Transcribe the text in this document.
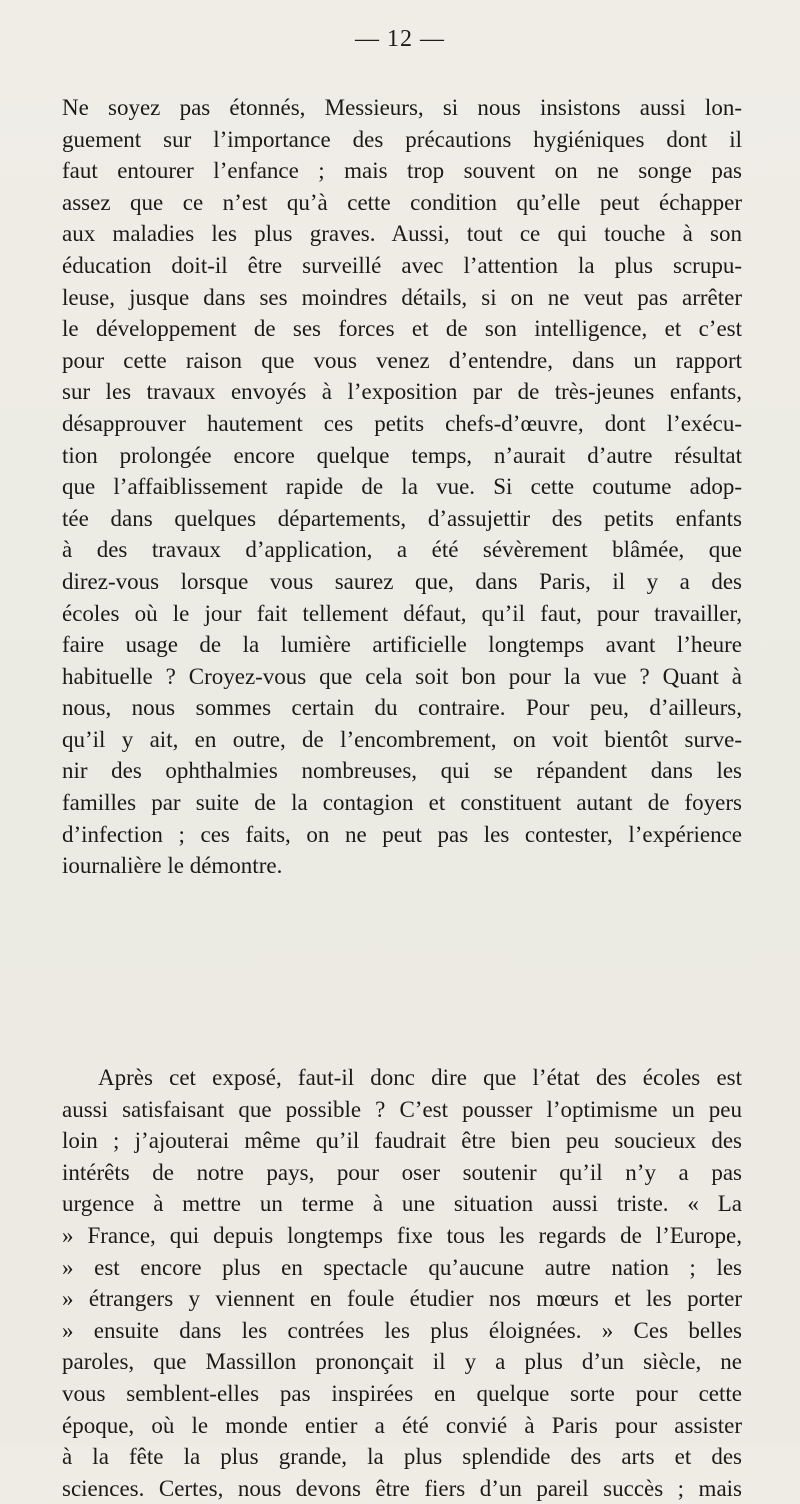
— 12 —
Ne soyez pas étonnés, Messieurs, si nous insistons aussi lon-
guement sur l’importance des précautions hygiéniques dont il
faut entourer l’enfance ; mais trop souvent on ne songe pas
assez que ce n’est qu’à cette condition qu’elle peut échapper
aux maladies les plus graves. Aussi, tout ce qui touche à son
éducation doit-il être surveillé avec l’attention la plus scrupu-
leuse, jusque dans ses moindres détails, si on ne veut pas arrêter
le développement de ses forces et de son intelligence, et c’est
pour cette raison que vous venez d’entendre, dans un rapport
sur les travaux envoyés à l’exposition par de très-jeunes enfants,
désapprouver hautement ces petits chefs-d’œuvre, dont l’exécu-
tion prolongée encore quelque temps, n’aurait d’autre résultat
que l’affaiblissement rapide de la vue. Si cette coutume adop-
tée dans quelques départements, d’assujettir des petits enfants
à des travaux d’application, a été sévèrement blâmée, que
direz-vous lorsque vous saurez que, dans Paris, il y a des
écoles où le jour fait tellement défaut, qu’il faut, pour travailler,
faire usage de la lumière artificielle longtemps avant l’heure
habituelle ? Croyez-vous que cela soit bon pour la vue ? Quant à
nous, nous sommes certain du contraire. Pour peu, d’ailleurs,
qu’il y ait, en outre, de l’encombrement, on voit bientôt surve-
nir des ophthalmies nombreuses, qui se répandent dans les
familles par suite de la contagion et constituent autant de foyers
d’infection ; ces faits, on ne peut pas les contester, l’expérience
iournalière le démontre.
Après cet exposé, faut-il donc dire que l’état des écoles est
aussi satisfaisant que possible ? C’est pousser l’optimisme un peu
loin ; j’ajouterai même qu’il faudrait être bien peu soucieux des
intérêts de notre pays, pour oser soutenir qu’il n’y a pas
urgence à mettre un terme à une situation aussi triste. « La
» France, qui depuis longtemps fixe tous les regards de l’Europe,
» est encore plus en spectacle qu’aucune autre nation ; les
» étrangers y viennent en foule étudier nos mœurs et les porter
» ensuite dans les contrées les plus éloignées. » Ces belles
paroles, que Massillon prononçait il y a plus d’un siècle, ne
vous semblent-elles pas inspirées en quelque sorte pour cette
époque, où le monde entier a été convié à Paris pour assister
à la fête la plus grande, la plus splendide des arts et des
sciences. Certes, nous devons être fiers d’un pareil succès ; mais
